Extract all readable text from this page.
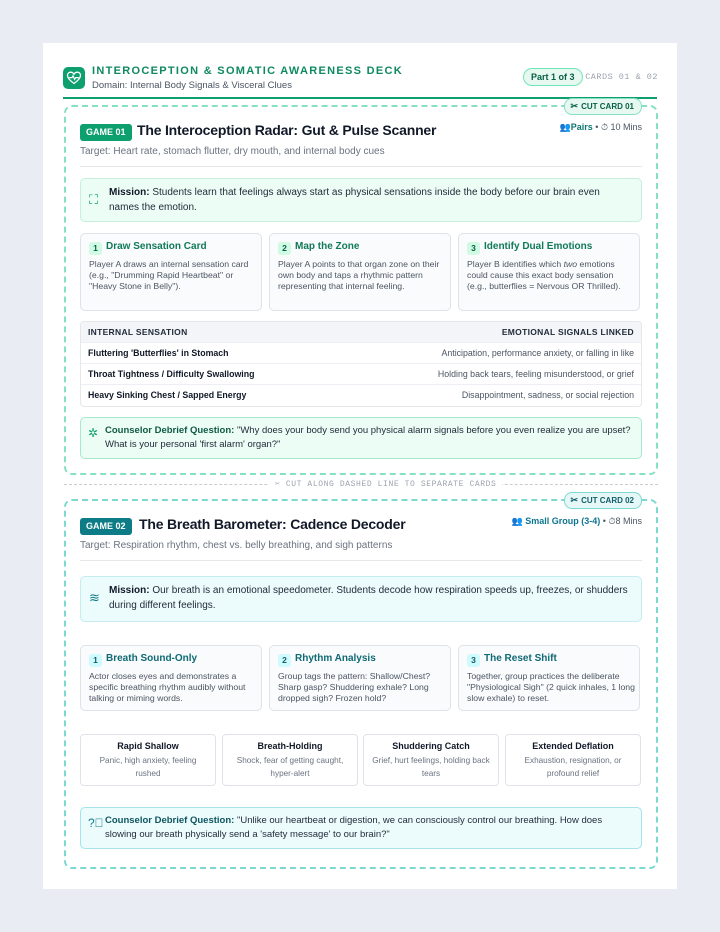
INTEROCEPTION & SOMATIC AWARENESS DECK
Domain: Internal Body Signals & Visceral Clues
Part 1 of 3	CARDS 01 & 02
✂ CUT CARD 01
GAME 01 The Interoception Radar: Gut & Pulse Scanner	👥Pairs • ⏱ 10 Mins
Target: Heart rate, stomach flutter, dry mouth, and internal body cues
⛶ Mission: Students learn that feelings always start as physical sensations inside the body before our brain even names the emotion.
1 Draw Sensation Card
Player A draws an internal sensation card (e.g., "Drumming Rapid Heartbeat" or "Heavy Stone in Belly").
2 Map the Zone
Player A points to that organ zone on their own body and taps a rhythmic pattern representing that internal feeling.
3 Identify Dual Emotions
Player B identifies which two emotions could cause this exact body sensation (e.g., butterflies = Nervous OR Thrilled).
INTERNAL SENSATION	EMOTIONAL SIGNALS LINKED
Fluttering 'Butterflies' in Stomach	Anticipation, performance anxiety, or falling in like
Throat Tightness / Difficulty Swallowing	Holding back tears, feeling misunderstood, or grief
Heavy Sinking Chest / Sapped Energy	Disappointment, sadness, or social rejection
✲ Counselor Debrief Question: "Why does your body send you physical alarm signals before you even realize you are upset? What is your personal 'first alarm' organ?"
✂ CUT ALONG DASHED LINE TO SEPARATE CARDS
✂ CUT CARD 02
GAME 02 The Breath Barometer: Cadence Decoder	👥 Small Group (3-4) • ⏱8 Mins
Target: Respiration rhythm, chest vs. belly breathing, and sigh patterns
≋ Mission: Our breath is an emotional speedometer. Students decode how respiration speeds up, freezes, or shudders during different feelings.
1 Breath Sound-Only
Actor closes eyes and demonstrates a specific breathing rhythm audibly without talking or miming words.
2 Rhythm Analysis
Group tags the pattern: Shallow/Chest? Sharp gasp? Shuddering exhale? Long dropped sigh? Frozen hold?
3 The Reset Shift
Together, group practices the deliberate "Physiological Sigh" (2 quick inhales, 1 long slow exhale) to reset.
Rapid Shallow
Panic, high anxiety, feeling rushed
Breath-Holding
Shock, fear of getting caught, hyper-alert
Shuddering Catch
Grief, hurt feelings, holding back tears
Extended Deflation
Exhaustion, resignation, or profound relief
?⃝ Counselor Debrief Question: "Unlike our heartbeat or digestion, we can consciously control our breathing. How does slowing our breath physically send a 'safety message' to our brain?"
